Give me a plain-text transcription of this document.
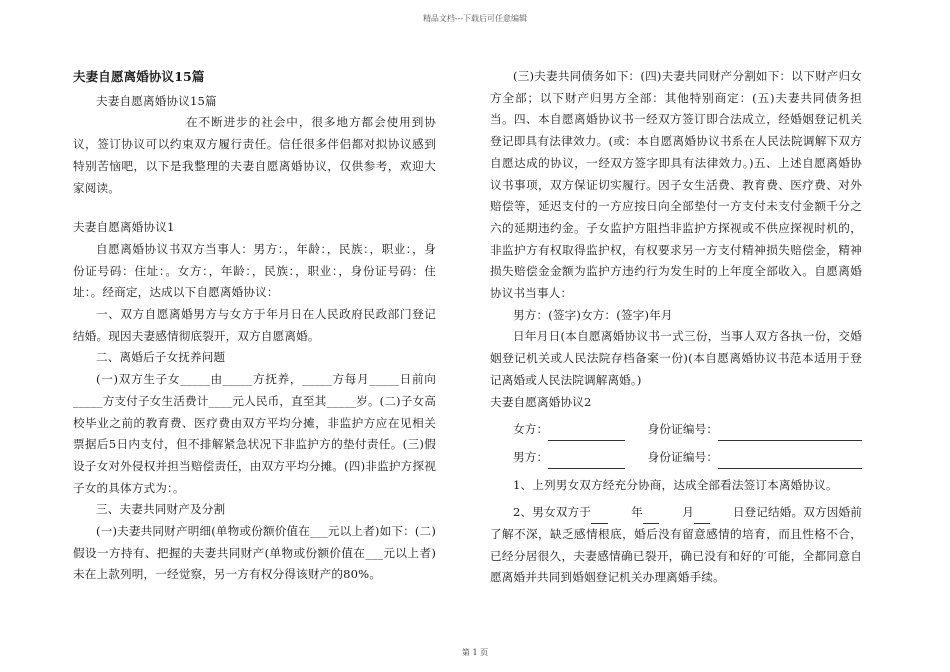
精品文档---下载后可任意编辑

夫妻自愿离婚协议15篇

夫妻自愿离婚协议15篇

在不断进步的社会中，很多地方都会使用到协议，签订协议可以约束双方履行责任。信任很多伴侣都对拟协议感到特别苦恼吧，以下是我整理的夫妻自愿离婚协议，仅供参考，欢迎大家阅读。

夫妻自愿离婚协议1

自愿离婚协议书双方当事人：男方：，年龄：，民族：，职业：，身份证号码：住址：。女方：，年龄：，民族：，职业：，身份证号码：住址：。经商定，达成以下自愿离婚协议：

一、双方自愿离婚男方与女方于年月日在人民政府民政部门登记结婚。现因夫妻感情彻底裂开，双方自愿离婚。

二、离婚后子女抚养问题

(一)双方生子女_____由_____方抚养，_____方每月_____日前向_____方支付子女生活费计____元人民币，直至其_____岁。(二)子女高校毕业之前的教育费、医疗费由双方平均分摊，非监护方应在见相关票据后5日内支付，但不排解紧急状况下非监护方的垫付责任。(三)假设子女对外侵权并担当赔偿责任，由双方平均分摊。(四)非监护方探视子女的具体方式为：。

三、夫妻共同财产及分割

(一)夫妻共同财产明细(单物或份额价值在___元以上者)如下：(二)假设一方持有、把握的夫妻共同财产(单物或份额价值在___元以上者)未在上款列明，一经觉察，另一方有权分得该财产的80%。

(三)夫妻共同债务如下：(四)夫妻共同财产分割如下：以下财产归女方全部；以下财产归男方全部：其他特别商定：(五)夫妻共同债务担当。四、本自愿离婚协议书一经双方签订即合法成立，经婚姻登记机关登记即具有法律效力。(或：本自愿离婚协议书系在人民法院调解下双方自愿达成的协议，一经双方签字即具有法律效力。)五、上述自愿离婚协议书事项，双方保证切实履行。因子女生活费、教育费、医疗费、对外赔偿等，延迟支付的一方应按日向全部垫付一方支付未支付金额千分之六的延期违约金。子女监护方阻挡非监护方探视或不供应探视时机的，非监护方有权取得监护权，有权要求另一方支付精神损失赔偿金，精神损失赔偿金金额为监护方违约行为发生时的上年度全部收入。自愿离婚协议书当事人：

男方：(签字)女方：(签字)年月

日年月日(本自愿离婚协议书一式三份，当事人双方各执一份，交婚姻登记机关或人民法院存档备案一份)(本自愿离婚协议书范本适用于登记离婚或人民法院调解离婚。)

夫妻自愿离婚协议2

女方：	身份证编号：

男方：	身份证编号：

1、上列男女双方经充分协商，达成全部看法签订本离婚协议。

2、男女双方于	年	月	日登记结婚。双方因婚前

了解不深，缺乏感情根底，婚后没有留意感情的培育，而且性格不合，已经分居很久，夫妻感情确已裂开，确已没有和好的′可能，全都同意自愿离婚并共同到婚姻登记机关办理离婚手续。

第 1 页
